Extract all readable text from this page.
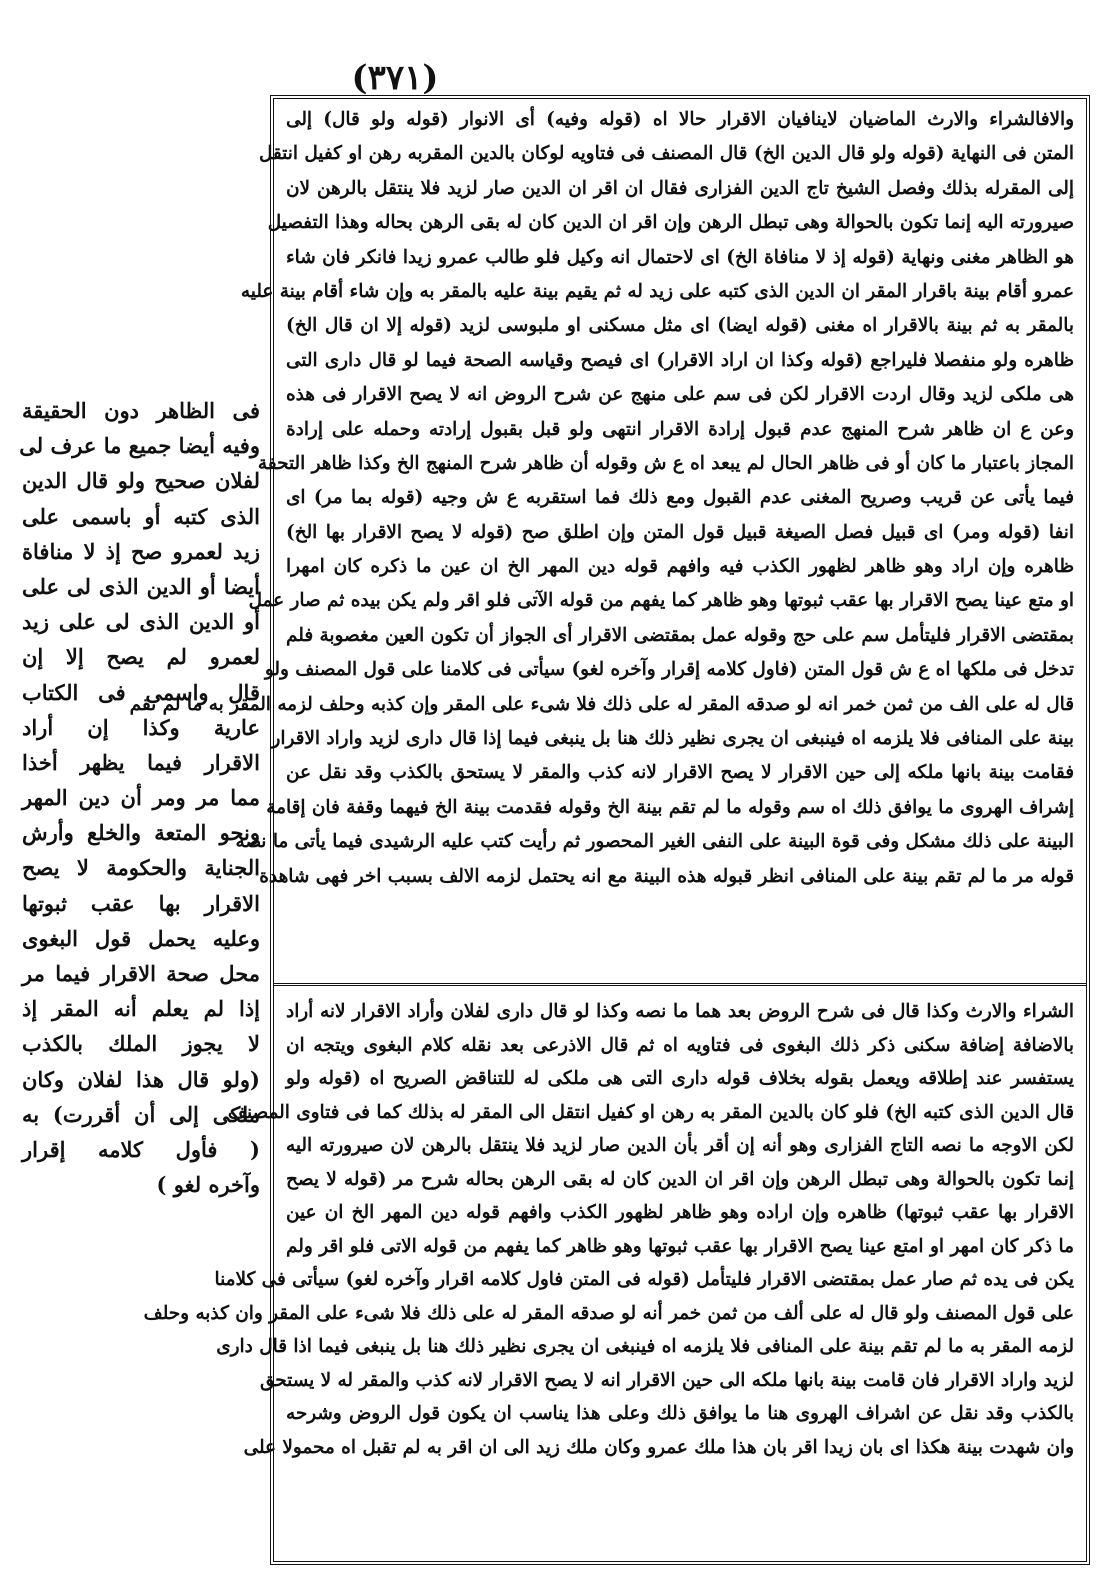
(٣٧١)
فى الظاهر دون الحقيقة
وفيه أيضا جميع ما عرف لى
لفلان صحيح ولو قال الدين
الذى كتبه أو باسمى على
زيد لعمرو صح إذ لا منافاة
أيضا أو الدين الذى لى على
أو الدين الذى لى على زيد
لعمرو لم يصح إلا إن
قال واسمى فى الكتاب
عارية وكذا إن أراد
الاقرار فيما يظهر أخذا
مما مر ومر أن دين المهر
ونحو المتعة والخلع وأرش
الجناية والحكومة لا يصح
الاقرار بها عقب ثبوتها
وعليه يحمل قول البغوى
محل صحة الاقرار فيما مر
إذا لم يعلم أنه المقر إذ
لا يجوز الملك بالكذب
(ولو قال هذا لفلان وكان
ملكى إلى أن أقررت) به
( فأول كلامه إقرار
وآخره لغو )
والافالشراء والارث الماضيان لاينافيان الاقرار حالا اه (قوله وفيه) أى الانوار (قوله ولو قال) إلى
المتن فى النهاية (قوله ولو قال الدين الخ) قال المصنف فى فتاويه لوكان بالدين المقربه رهن او كفيل انتقل
إلى المقرله بذلك وفصل الشيخ تاج الدين الفزارى فقال ان اقر ان الدين صار لزيد فلا ينتقل بالرهن لان
صيرورته اليه إنما تكون بالحوالة وهى تبطل الرهن وإن اقر ان الدين كان له بقى الرهن بحاله وهذا التفصيل
هو الظاهر مغنى ونهاية (قوله إذ لا منافاة الخ) اى لاحتمال انه وكيل فلو طالب عمرو زيدا فانكر فان شاء
عمرو أقام بينة باقرار المقر ان الدين الذى كتبه على زيد له ثم يقيم بينة عليه بالمقر به وإن شاء أقام بينة عليه
بالمقر به ثم بينة بالاقرار اه مغنى (قوله ايضا) اى مثل مسكنى او ملبوسى لزيد (قوله إلا ان قال الخ)
ظاهره ولو منفصلا فليراجع (قوله وكذا ان اراد الاقرار) اى فيصح وقياسه الصحة فيما لو قال دارى التى
هى ملكى لزيد وقال اردت الاقرار لكن فى سم على منهج عن شرح الروض انه لا يصح الاقرار فى هذه
وعن ع ان ظاهر شرح المنهج عدم قبول إرادة الاقرار انتهى ولو قبل بقبول إرادته وحمله على إرادة
المجاز باعتبار ما كان أو فى ظاهر الحال لم يبعد اه ع ش وقوله أن ظاهر شرح المنهج الخ وكذا ظاهر التحفة
فيما يأتى عن قريب وصريح المغنى عدم القبول ومع ذلك فما استقربه ع ش وجيه (قوله بما مر) اى
انفا (قوله ومر) اى قبيل فصل الصيغة قبيل قول المتن وإن اطلق صح (قوله لا يصح الاقرار بها الخ)
ظاهره وإن اراد وهو ظاهر لظهور الكذب فيه وافهم قوله دين المهر الخ ان عين ما ذكره كان امهرا
او متع عينا يصح الاقرار بها عقب ثبوتها وهو ظاهر كما يفهم من قوله الآتى فلو اقر ولم يكن بيده ثم صار عمل
بمقتضى الاقرار فليتأمل سم على حج وقوله عمل بمقتضى الاقرار أى الجواز أن تكون العين مغصوبة فلم
تدخل فى ملكها اه ع ش قول المتن (فاول كلامه إقرار وآخره لغو) سيأتى فى كلامنا على قول المصنف ولو
قال له على الف من ثمن خمر انه لو صدقه المقر له على ذلك فلا شىء على المقر وإن كذبه وحلف لزمه المقر به ما لم تقم
بينة على المنافى فلا يلزمه اه فينبغى ان يجرى نظير ذلك هنا بل ينبغى فيما إذا قال دارى لزيد واراد الاقرار
فقامت بينة بانها ملكه إلى حين الاقرار لا يصح الاقرار لانه كذب والمقر لا يستحق بالكذب وقد نقل عن
إشراف الهروى ما يوافق ذلك اه سم وقوله ما لم تقم بينة الخ وقوله فقدمت بينة الخ فيهما وقفة فان إقامة
البينة على ذلك مشكل وفى قوة البينة على النفى الغير المحصور ثم رأيت كتب عليه الرشيدى فيما يأتى ما نصه
قوله مر ما لم تقم بينة على المنافى انظر قبوله هذه البينة مع انه يحتمل لزمه الالف بسبب اخر فهى شاهدة
الشراء والارث وكذا قال فى شرح الروض بعد هما ما نصه وكذا لو قال دارى لفلان وأراد الاقرار لانه أراد
بالاضافة إضافة سكنى ذكر ذلك البغوى فى فتاويه اه ثم قال الاذرعى بعد نقله كلام البغوى ويتجه ان
يستفسر عند إطلاقه ويعمل بقوله بخلاف قوله دارى التى هى ملكى له للتناقض الصريح اه (قوله ولو
قال الدين الذى كتبه الخ) فلو كان بالدين المقر به رهن او كفيل انتقل الى المقر له بذلك كما فى فتاوى المصنف
لكن الاوجه ما نصه التاج الفزارى وهو أنه إن أقر بأن الدين صار لزيد فلا ينتقل بالرهن لان صيرورته اليه
إنما تكون بالحوالة وهى تبطل الرهن وإن اقر ان الدين كان له بقى الرهن بحاله شرح مر (قوله لا يصح
الاقرار بها عقب ثبوتها) ظاهره وإن اراده وهو ظاهر لظهور الكذب وافهم قوله دين المهر الخ ان عين
ما ذكر كان امهر او امتع عينا يصح الاقرار بها عقب ثبوتها وهو ظاهر كما يفهم من قوله الاتى فلو اقر ولم
يكن فى يده ثم صار عمل بمقتضى الاقرار فليتأمل (قوله فى المتن فاول كلامه اقرار وآخره لغو) سيأتى فى كلامنا
على قول المصنف ولو قال له على ألف من ثمن خمر أنه لو صدقه المقر له على ذلك فلا شىء على المقر وان كذبه وحلف
لزمه المقر به ما لم تقم بينة على المنافى فلا يلزمه اه فينبغى ان يجرى نظير ذلك هنا بل ينبغى فيما اذا قال دارى
لزيد واراد الاقرار فان قامت بينة بانها ملكه الى حين الاقرار انه لا يصح الاقرار لانه كذب والمقر له لا يستحق
بالكذب وقد نقل عن اشراف الهروى هنا ما يوافق ذلك وعلى هذا يناسب ان يكون قول الروض وشرحه
وان شهدت بينة هكذا اى بان زيدا اقر بان هذا ملك عمرو وكان ملك زيد الى ان اقر به لم تقبل اه محمولا على
